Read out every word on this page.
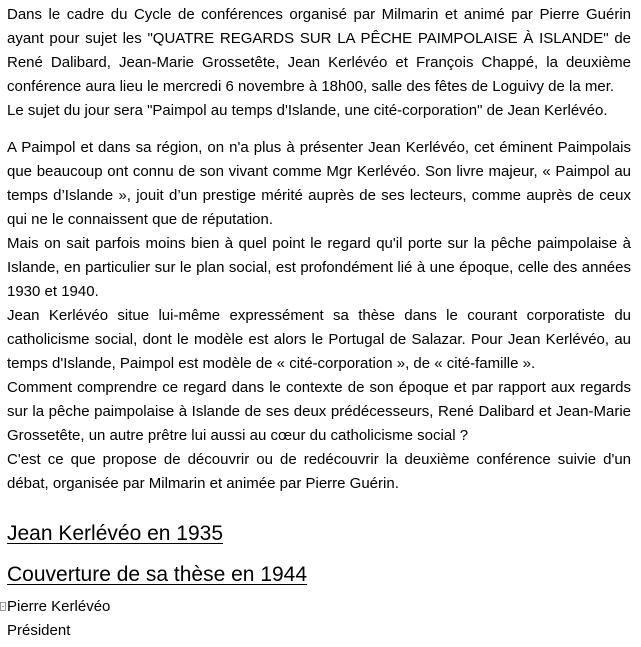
Dans le cadre du Cycle de conférences organisé par Milmarin et animé par Pierre Guérin ayant pour sujet les "QUATRE REGARDS SUR LA PÊCHE PAIMPOLAISE À ISLANDE" de René Dalibard, Jean-Marie Grossetête, Jean Kerlévéo et François Chappé, la deuxième conférence aura lieu le mercredi 6 novembre à 18h00, salle des fêtes de Loguivy de la mer.

Le sujet du jour sera "Paimpol au temps d'Islande, une cité-corporation" de Jean Kerlévéo.

A Paimpol et dans sa région, on n'a plus à présenter Jean Kerlévéo, cet éminent Paimpolais que beaucoup ont connu de son vivant comme Mgr Kerlévéo. Son livre majeur, « Paimpol au temps d’Islande », jouit d’un prestige mérité auprès de ses lecteurs, comme auprès de ceux qui ne le connaissent que de réputation.

Mais on sait parfois moins bien à quel point le regard qu'il porte sur la pêche paimpolaise à Islande, en particulier sur le plan social, est profondément lié à une époque, celle des années 1930 et 1940.

Jean Kerlévéo situe lui-même expressément sa thèse dans le courant corporatiste du catholicisme social, dont le modèle est alors le Portugal de Salazar. Pour Jean Kerlévéo, au temps d'Islande, Paimpol est modèle de « cité-corporation », de « cité-famille ».

Comment comprendre ce regard dans le contexte de son époque et par rapport aux regards sur la pêche paimpolaise à Islande de ses deux prédécesseurs, René Dalibard et Jean-Marie Grossetête, un autre prêtre lui aussi au cœur du catholicisme social ?

C'est ce que propose de découvrir ou de redécouvrir la deuxième conférence suivie d'un débat, organisée par Milmarin et animée par Pierre Guérin.

Jean Kerlévéo en 1935
Couverture de sa thèse en 1944
Pierre Kerlévéo
Président
